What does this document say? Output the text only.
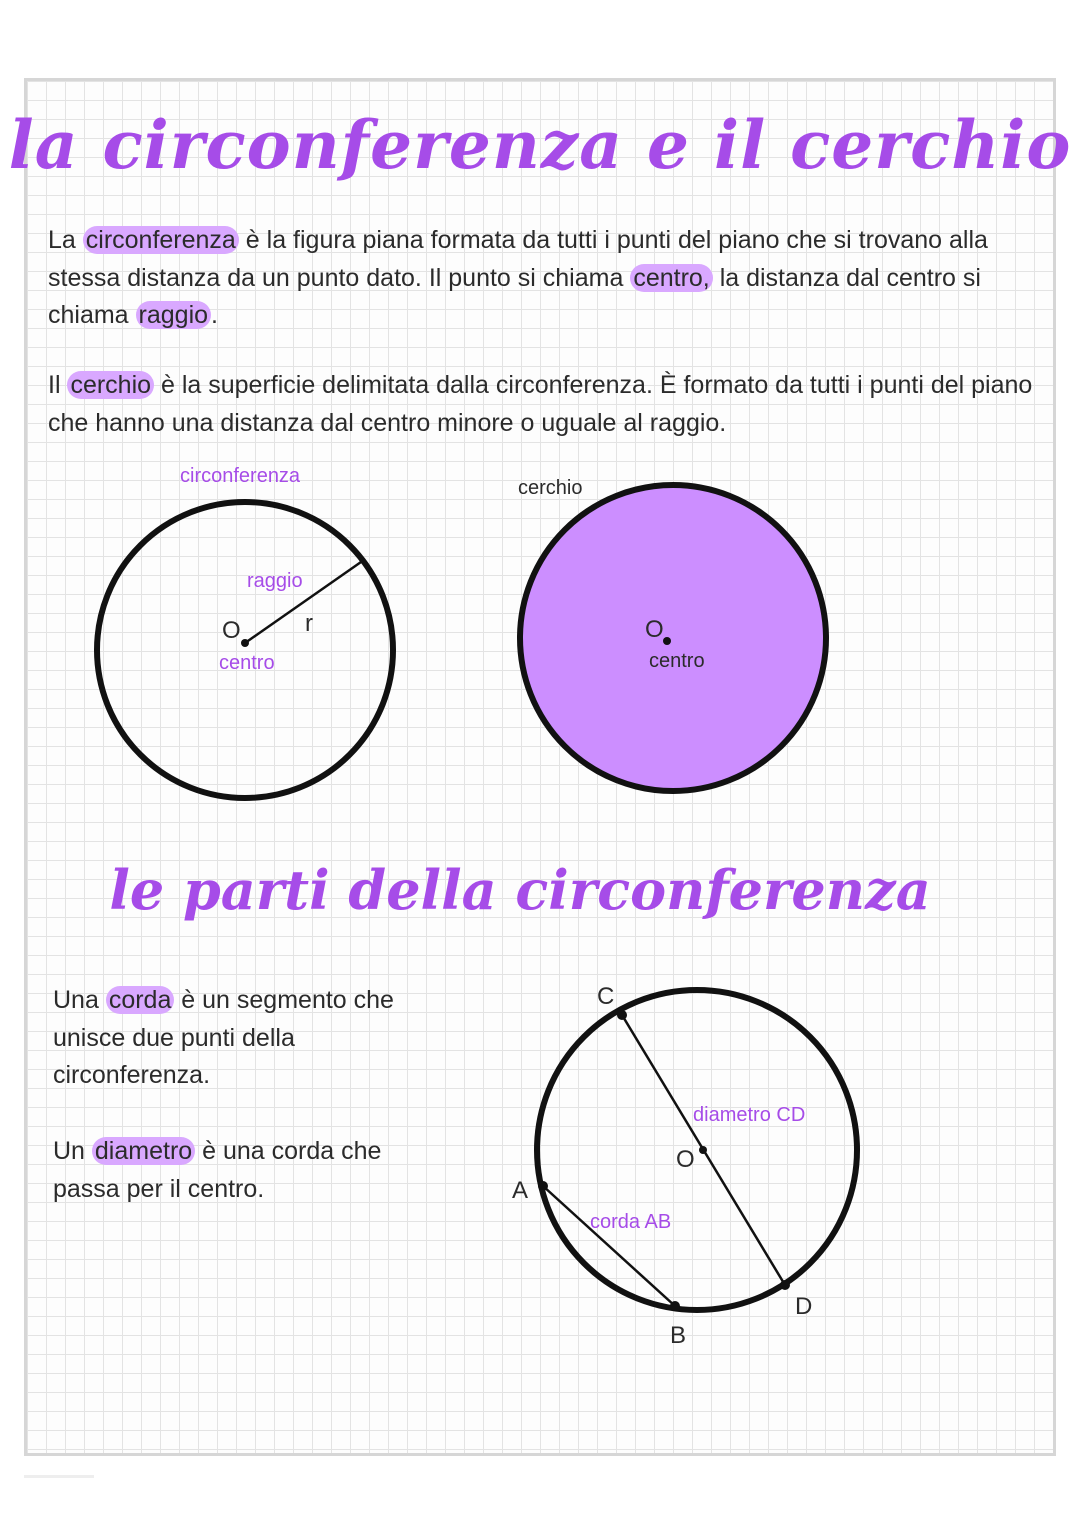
la circonferenza e il cerchio
La circonferenza è la figura piana formata da tutti i punti del piano che si trovano alla stessa distanza da un punto dato. Il punto si chiama centro, la distanza dal centro si chiama raggio .
Il cerchio è la superficie delimitata dalla circonferenza. È formato da tutti i punti del piano che hanno una distanza dal centro minore o uguale al raggio.
circonferenza
raggio
r
O
centro
cerchio
O
centro
le parti della circonferenza
Una corda è un segmento che unisce due punti della circonferenza.
Un diametro è una corda che passa per il centro.
C
A
B
D
O
diametro CD
corda AB
